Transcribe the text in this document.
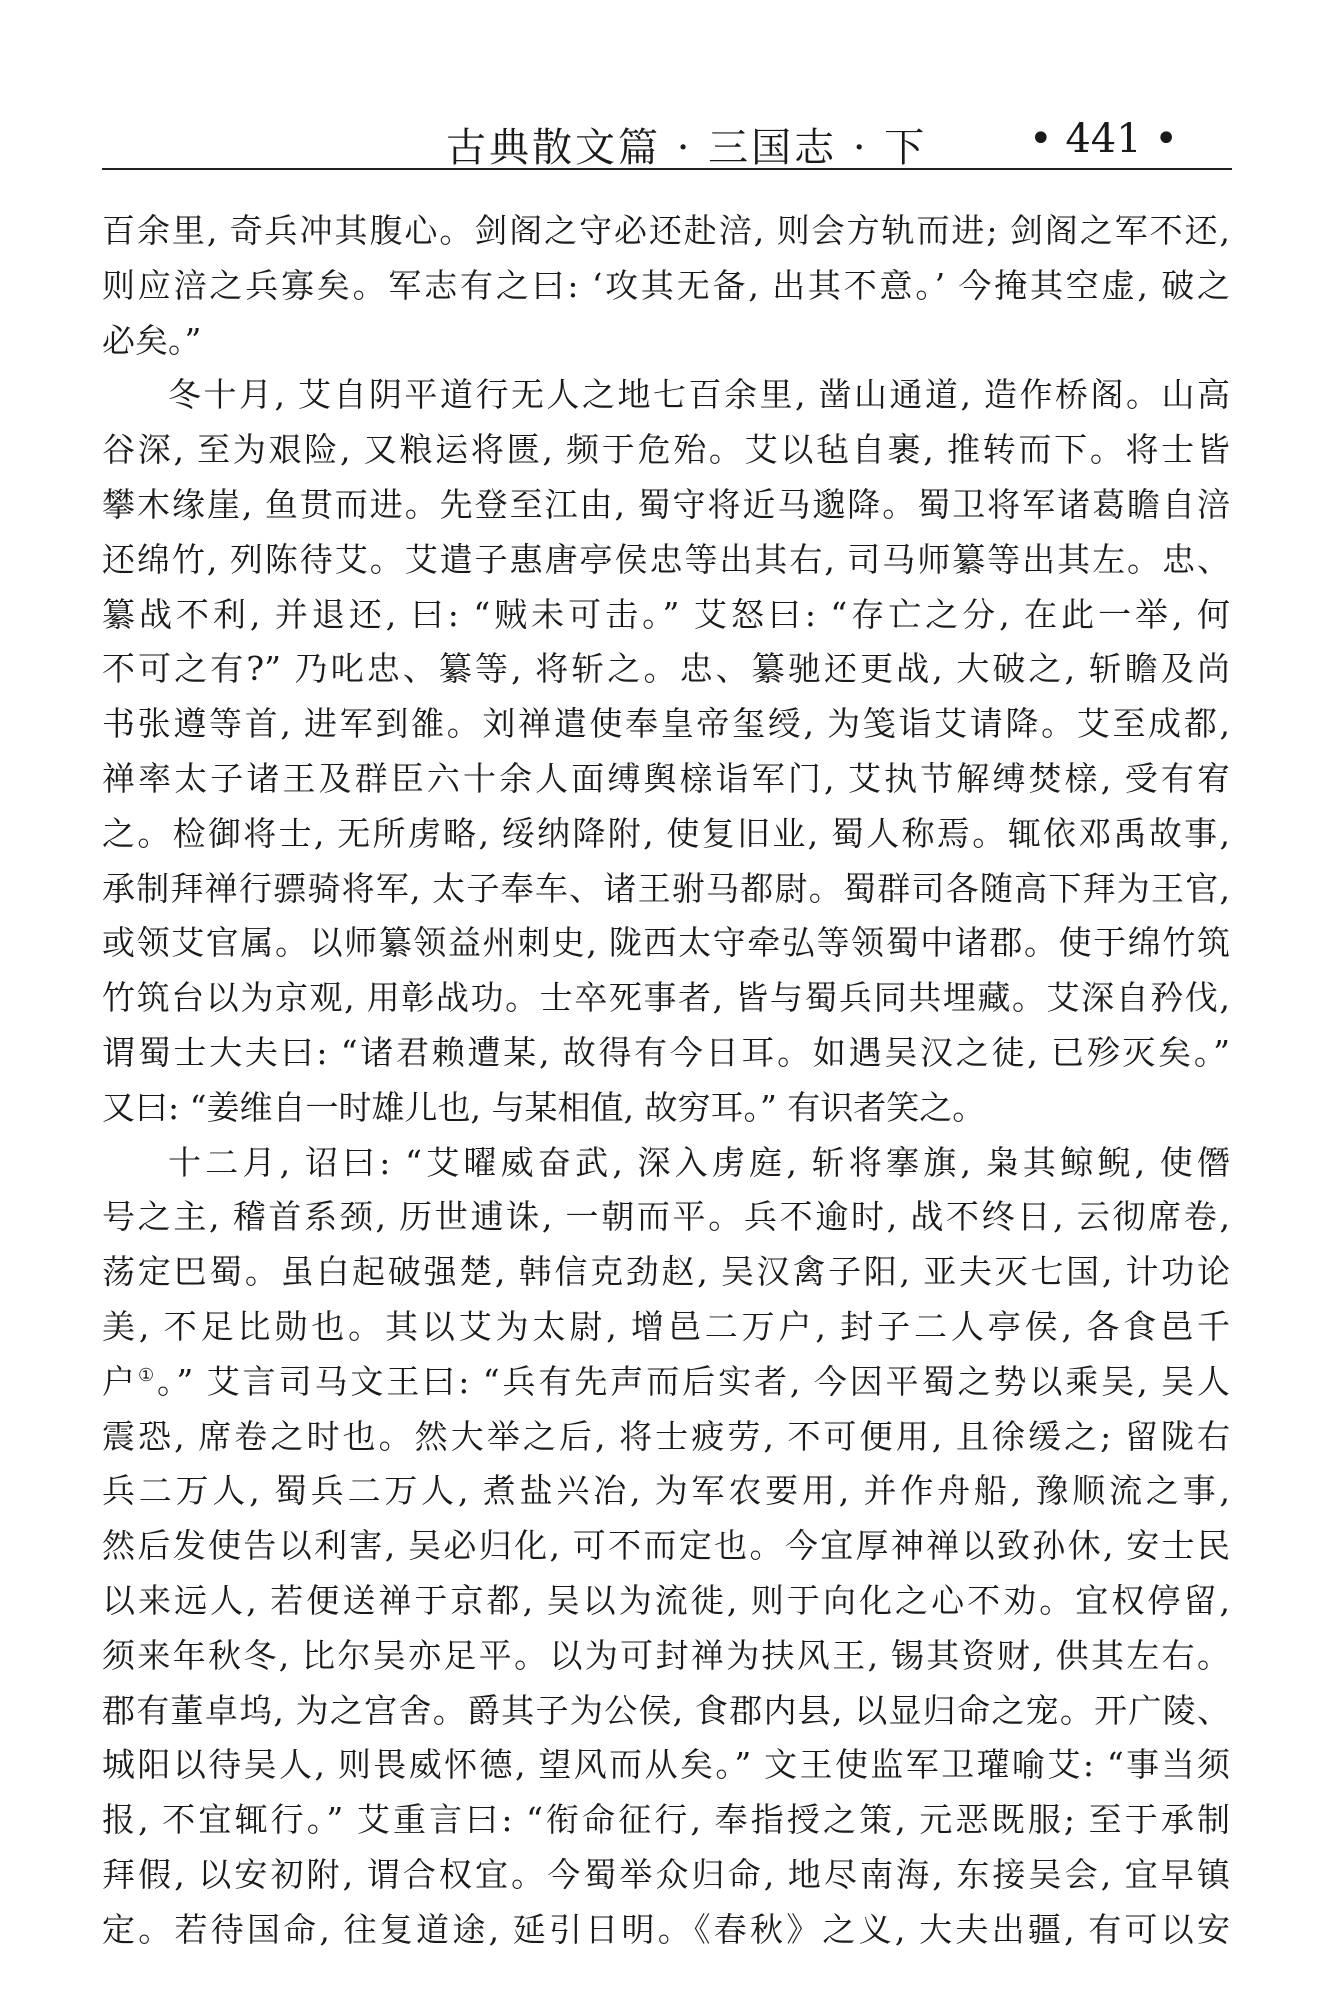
古典散文篇 · 三国志 · 下	• 441 •
百余里, 奇兵冲其腹心。剑阁之守必还赴涪, 则会方轨而进; 剑阁之军不还,
则应涪之兵寡矣。军志有之曰: ‘攻其无备, 出其不意。’ 今掩其空虚, 破之
必矣。”
冬十月, 艾自阴平道行无人之地七百余里, 凿山通道, 造作桥阁。山高
谷深, 至为艰险, 又粮运将匮, 频于危殆。艾以毡自裹, 推转而下。将士皆
攀木缘崖, 鱼贯而进。先登至江由, 蜀守将近马邈降。蜀卫将军诸葛瞻自涪
还绵竹, 列陈待艾。艾遣子惠唐亭侯忠等出其右, 司马师纂等出其左。忠、
纂战不利, 并退还, 曰: “贼未可击。” 艾怒曰: “存亡之分, 在此一举, 何
不可之有?” 乃叱忠、纂等, 将斩之。忠、纂驰还更战, 大破之, 斩瞻及尚
书张遵等首, 进军到雒。刘禅遣使奉皇帝玺绶, 为笺诣艾请降。艾至成都,
禅率太子诸王及群臣六十余人面缚舆榇诣军门, 艾执节解缚焚榇, 受有宥
之。检御将士, 无所虏略, 绥纳降附, 使复旧业, 蜀人称焉。辄依邓禹故事,
承制拜禅行骠骑将军, 太子奉车、诸王驸马都尉。蜀群司各随高下拜为王官,
或领艾官属。以师纂领益州刺史, 陇西太守牵弘等领蜀中诸郡。使于绵竹筑
竹筑台以为京观, 用彰战功。士卒死事者, 皆与蜀兵同共埋藏。艾深自矜伐,
谓蜀士大夫曰: “诸君赖遭某, 故得有今日耳。如遇吴汉之徒, 已殄灭矣。”
又曰: “姜维自一时雄儿也, 与某相值, 故穷耳。” 有识者笑之。
十二月, 诏曰: “艾曜威奋武, 深入虏庭, 斩将搴旗, 枭其鲸鲵, 使僭
号之主, 稽首系颈, 历世逋诛, 一朝而平。兵不逾时, 战不终日, 云彻席卷,
荡定巴蜀。虽白起破强楚, 韩信克劲赵, 吴汉禽子阳, 亚夫灭七国, 计功论
美, 不足比勋也。其以艾为太尉, 增邑二万户, 封子二人亭侯, 各食邑千
户①。” 艾言司马文王曰: “兵有先声而后实者, 今因平蜀之势以乘吴, 吴人
震恐, 席卷之时也。然大举之后, 将士疲劳, 不可便用, 且徐缓之; 留陇右
兵二万人, 蜀兵二万人, 煮盐兴冶, 为军农要用, 并作舟船, 豫顺流之事,
然后发使告以利害, 吴必归化, 可不而定也。今宜厚神禅以致孙休, 安士民
以来远人, 若便送禅于京都, 吴以为流徙, 则于向化之心不劝。宜权停留,
须来年秋冬, 比尔吴亦足平。以为可封禅为扶风王, 锡其资财, 供其左右。
郡有董卓坞, 为之宫舍。爵其子为公侯, 食郡内县, 以显归命之宠。开广陵、
城阳以待吴人, 则畏威怀德, 望风而从矣。” 文王使监军卫瓘喻艾: “事当须
报, 不宜辄行。” 艾重言曰: “衔命征行, 奉指授之策, 元恶既服; 至于承制
拜假, 以安初附, 谓合权宜。今蜀举众归命, 地尽南海, 东接吴会, 宜早镇
定。若待国命, 往复道途, 延引日明。《春秋》之义, 大夫出疆, 有可以安
